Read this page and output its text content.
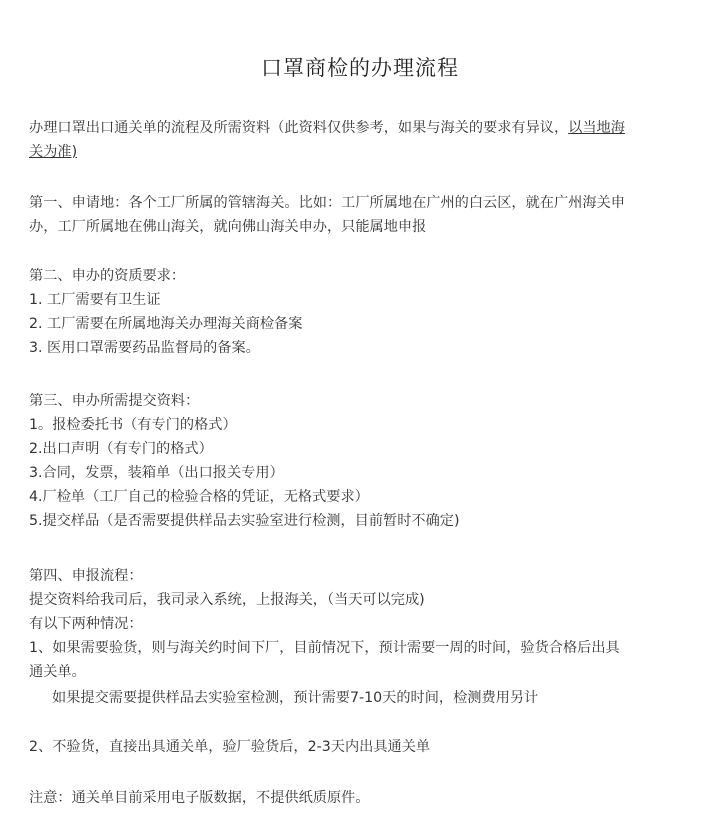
口罩商检的办理流程
办理口罩出口通关单的流程及所需资料（此资料仅供参考，如果与海关的要求有异议，以当地海
关为准)
第一、申请地：各个工厂所属的管辖海关。比如：工厂所属地在广州的白云区，就在广州海关申
办，工厂所属地在佛山海关，就向佛山海关申办，只能属地申报
第二、申办的资质要求：
1. 工厂需要有卫生证
2. 工厂需要在所属地海关办理海关商检备案
3. 医用口罩需要药品监督局的备案。
第三、申办所需提交资料：
1。报检委托书（有专门的格式）
2.出口声明（有专门的格式）
3.合同，发票，装箱单（出口报关专用）
4.厂检单（工厂自己的检验合格的凭证，无格式要求）
5.提交样品（是否需要提供样品去实验室进行检测，目前暂时不确定)
第四、申报流程：
提交资料给我司后，我司录入系统，上报海关，（当天可以完成)
有以下两种情况：
1、如果需要验货，则与海关约时间下厂，目前情况下，预计需要一周的时间，验货合格后出具
通关单。
如果提交需要提供样品去实验室检测，预计需要7-10天的时间，检测费用另计
2、不验货，直接出具通关单，验厂验货后，2-3天内出具通关单
注意：通关单目前采用电子版数据，不提供纸质原件。
